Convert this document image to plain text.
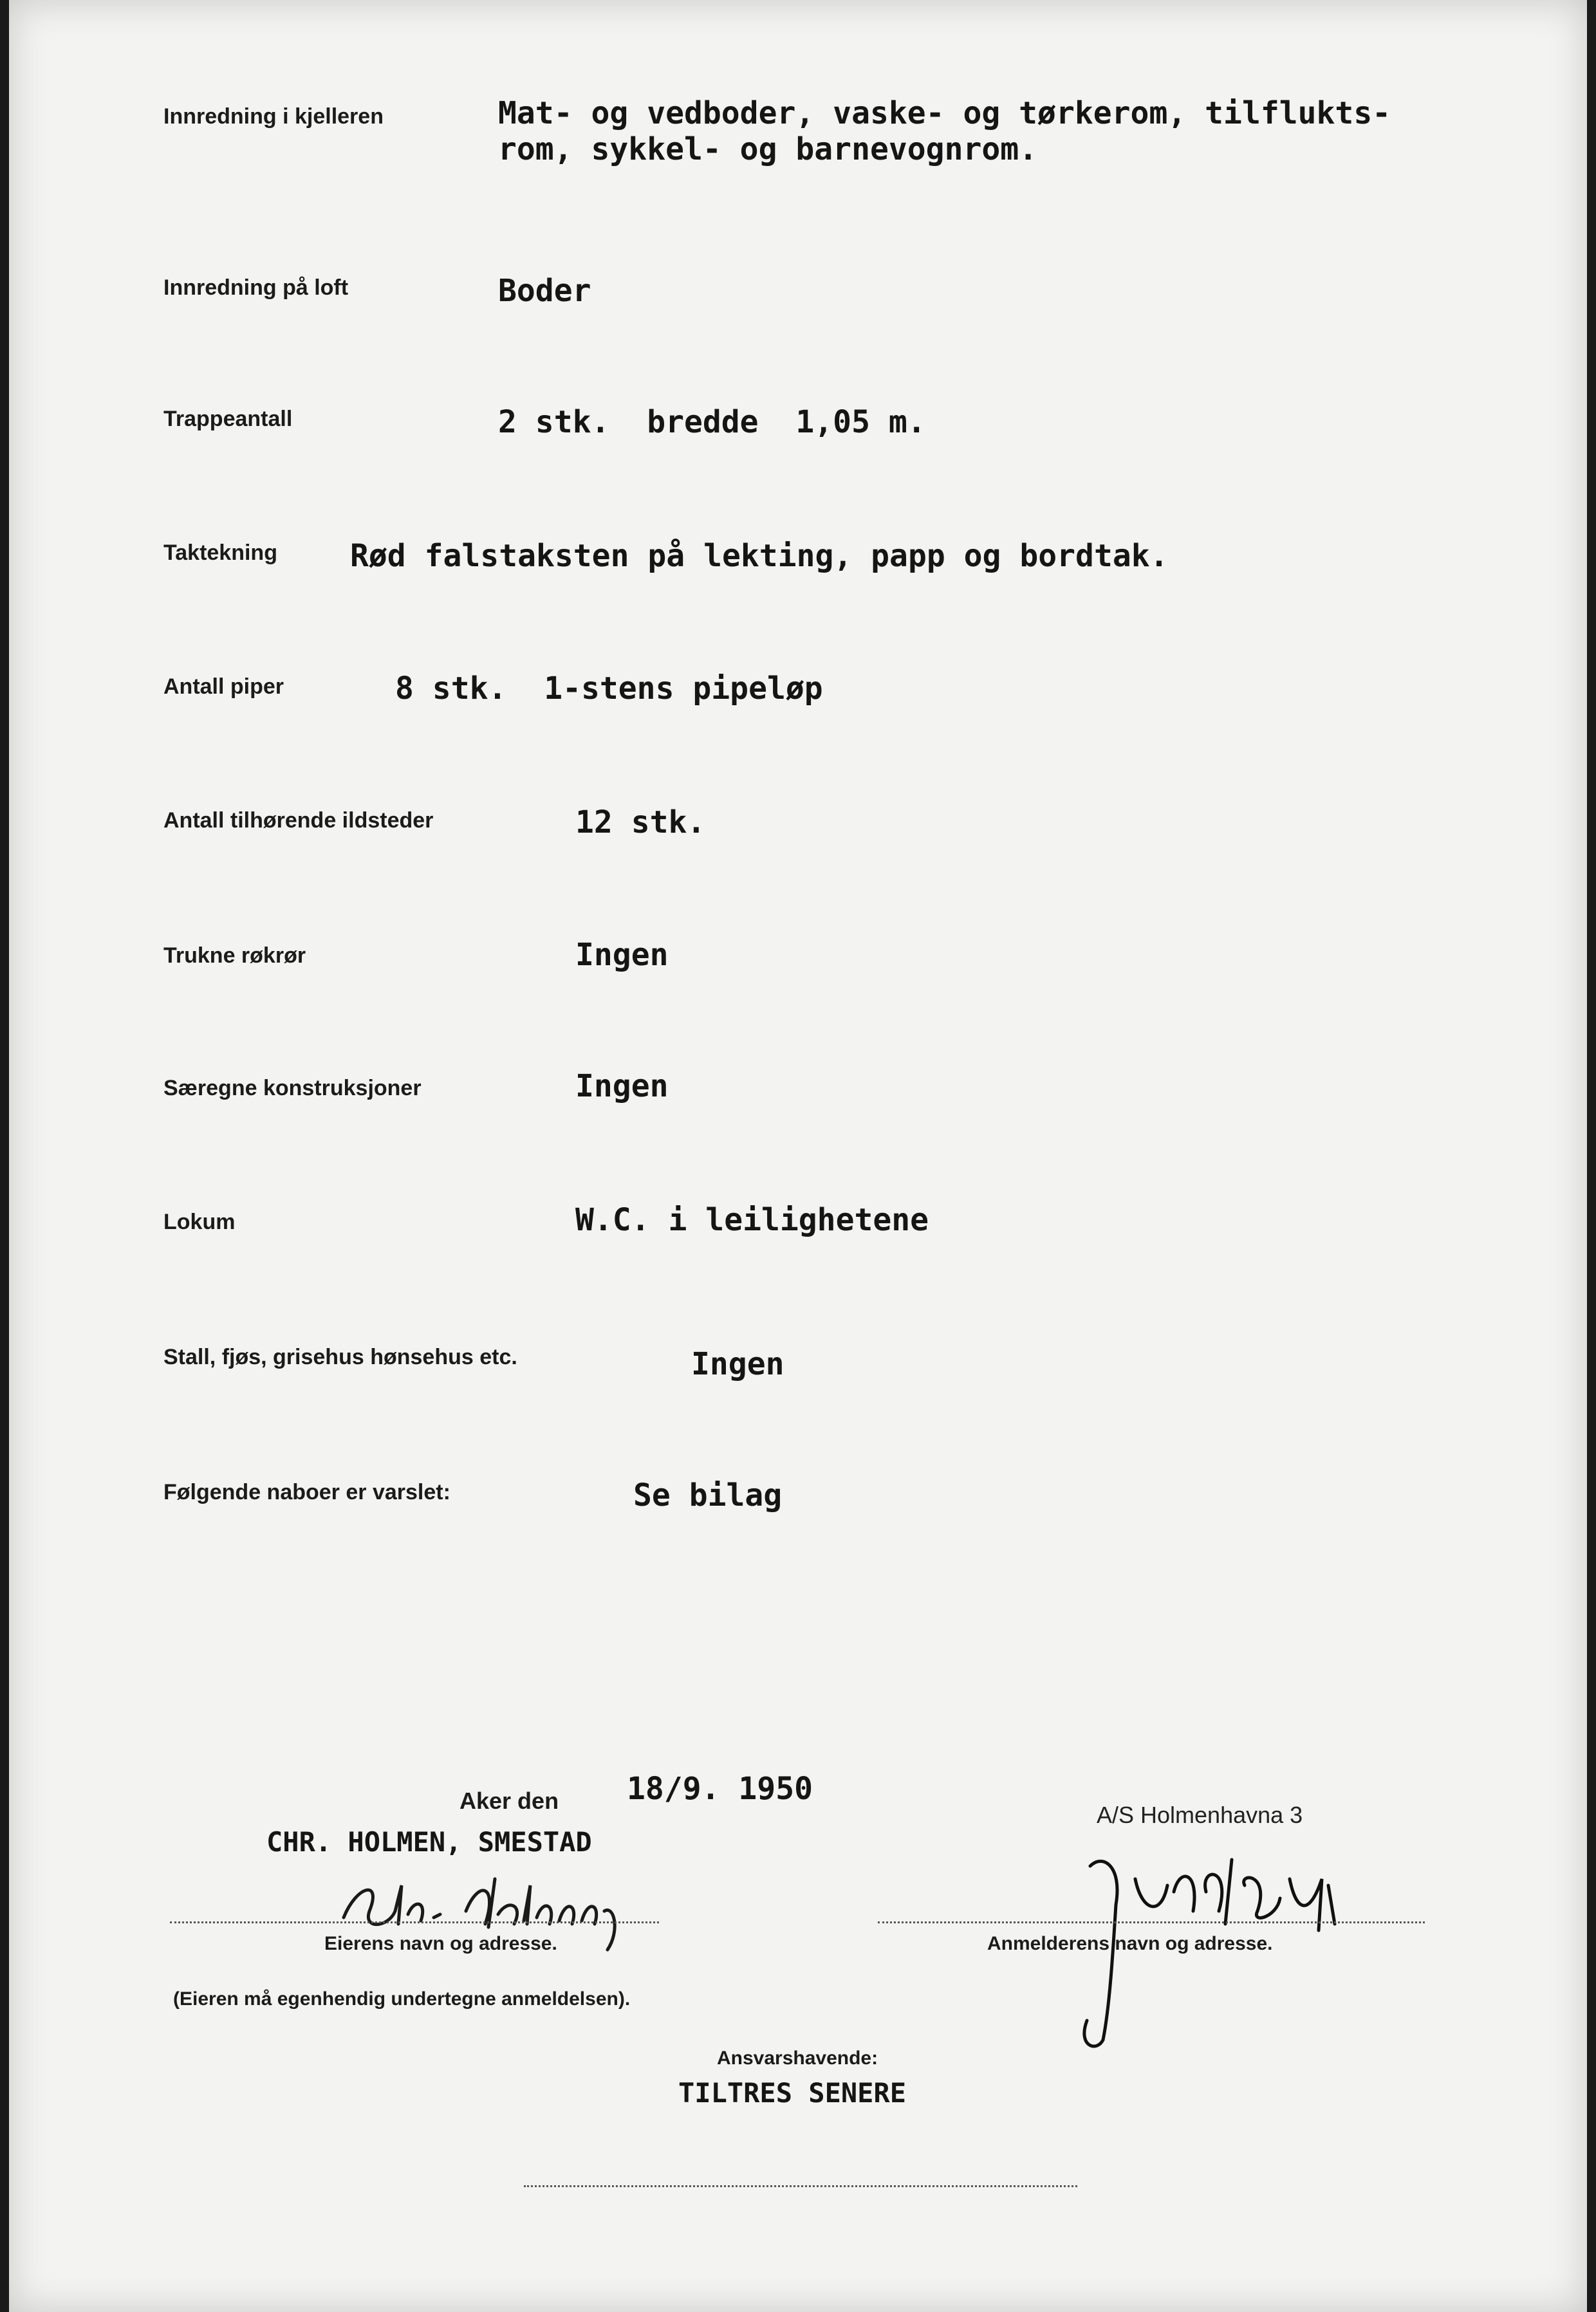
Innredning i kjelleren	Mat- og vedboder, vaske- og tørkerom, tilflukts-
rom, sykkel- og barnevognrom.
Innredning på loft	Boder
Trappeantall	2 stk.  bredde  1,05 m.
Taktekning Rød falstaksten på lekting, papp og bordtak.
Antall piper	8 stk.  1-stens pipeløp
Antall tilhørende ildsteder	12 stk.
Trukne røkrør	Ingen
Særegne konstruksjoner	Ingen
Lokum	W.C. i leilighetene
Stall, fjøs, grisehus hønsehus etc.	Ingen
Følgende naboer er varslet:	Se bilag
Aker den 18/9. 1950
CHR. HOLMEN, SMESTAD
Eierens navn og adresse.
(Eieren må egenhendig undertegne anmeldelsen).
A/S Holmenhavna 3
Anmelderens navn og adresse.
Ansvarshavende:
TILTRES SENERE
